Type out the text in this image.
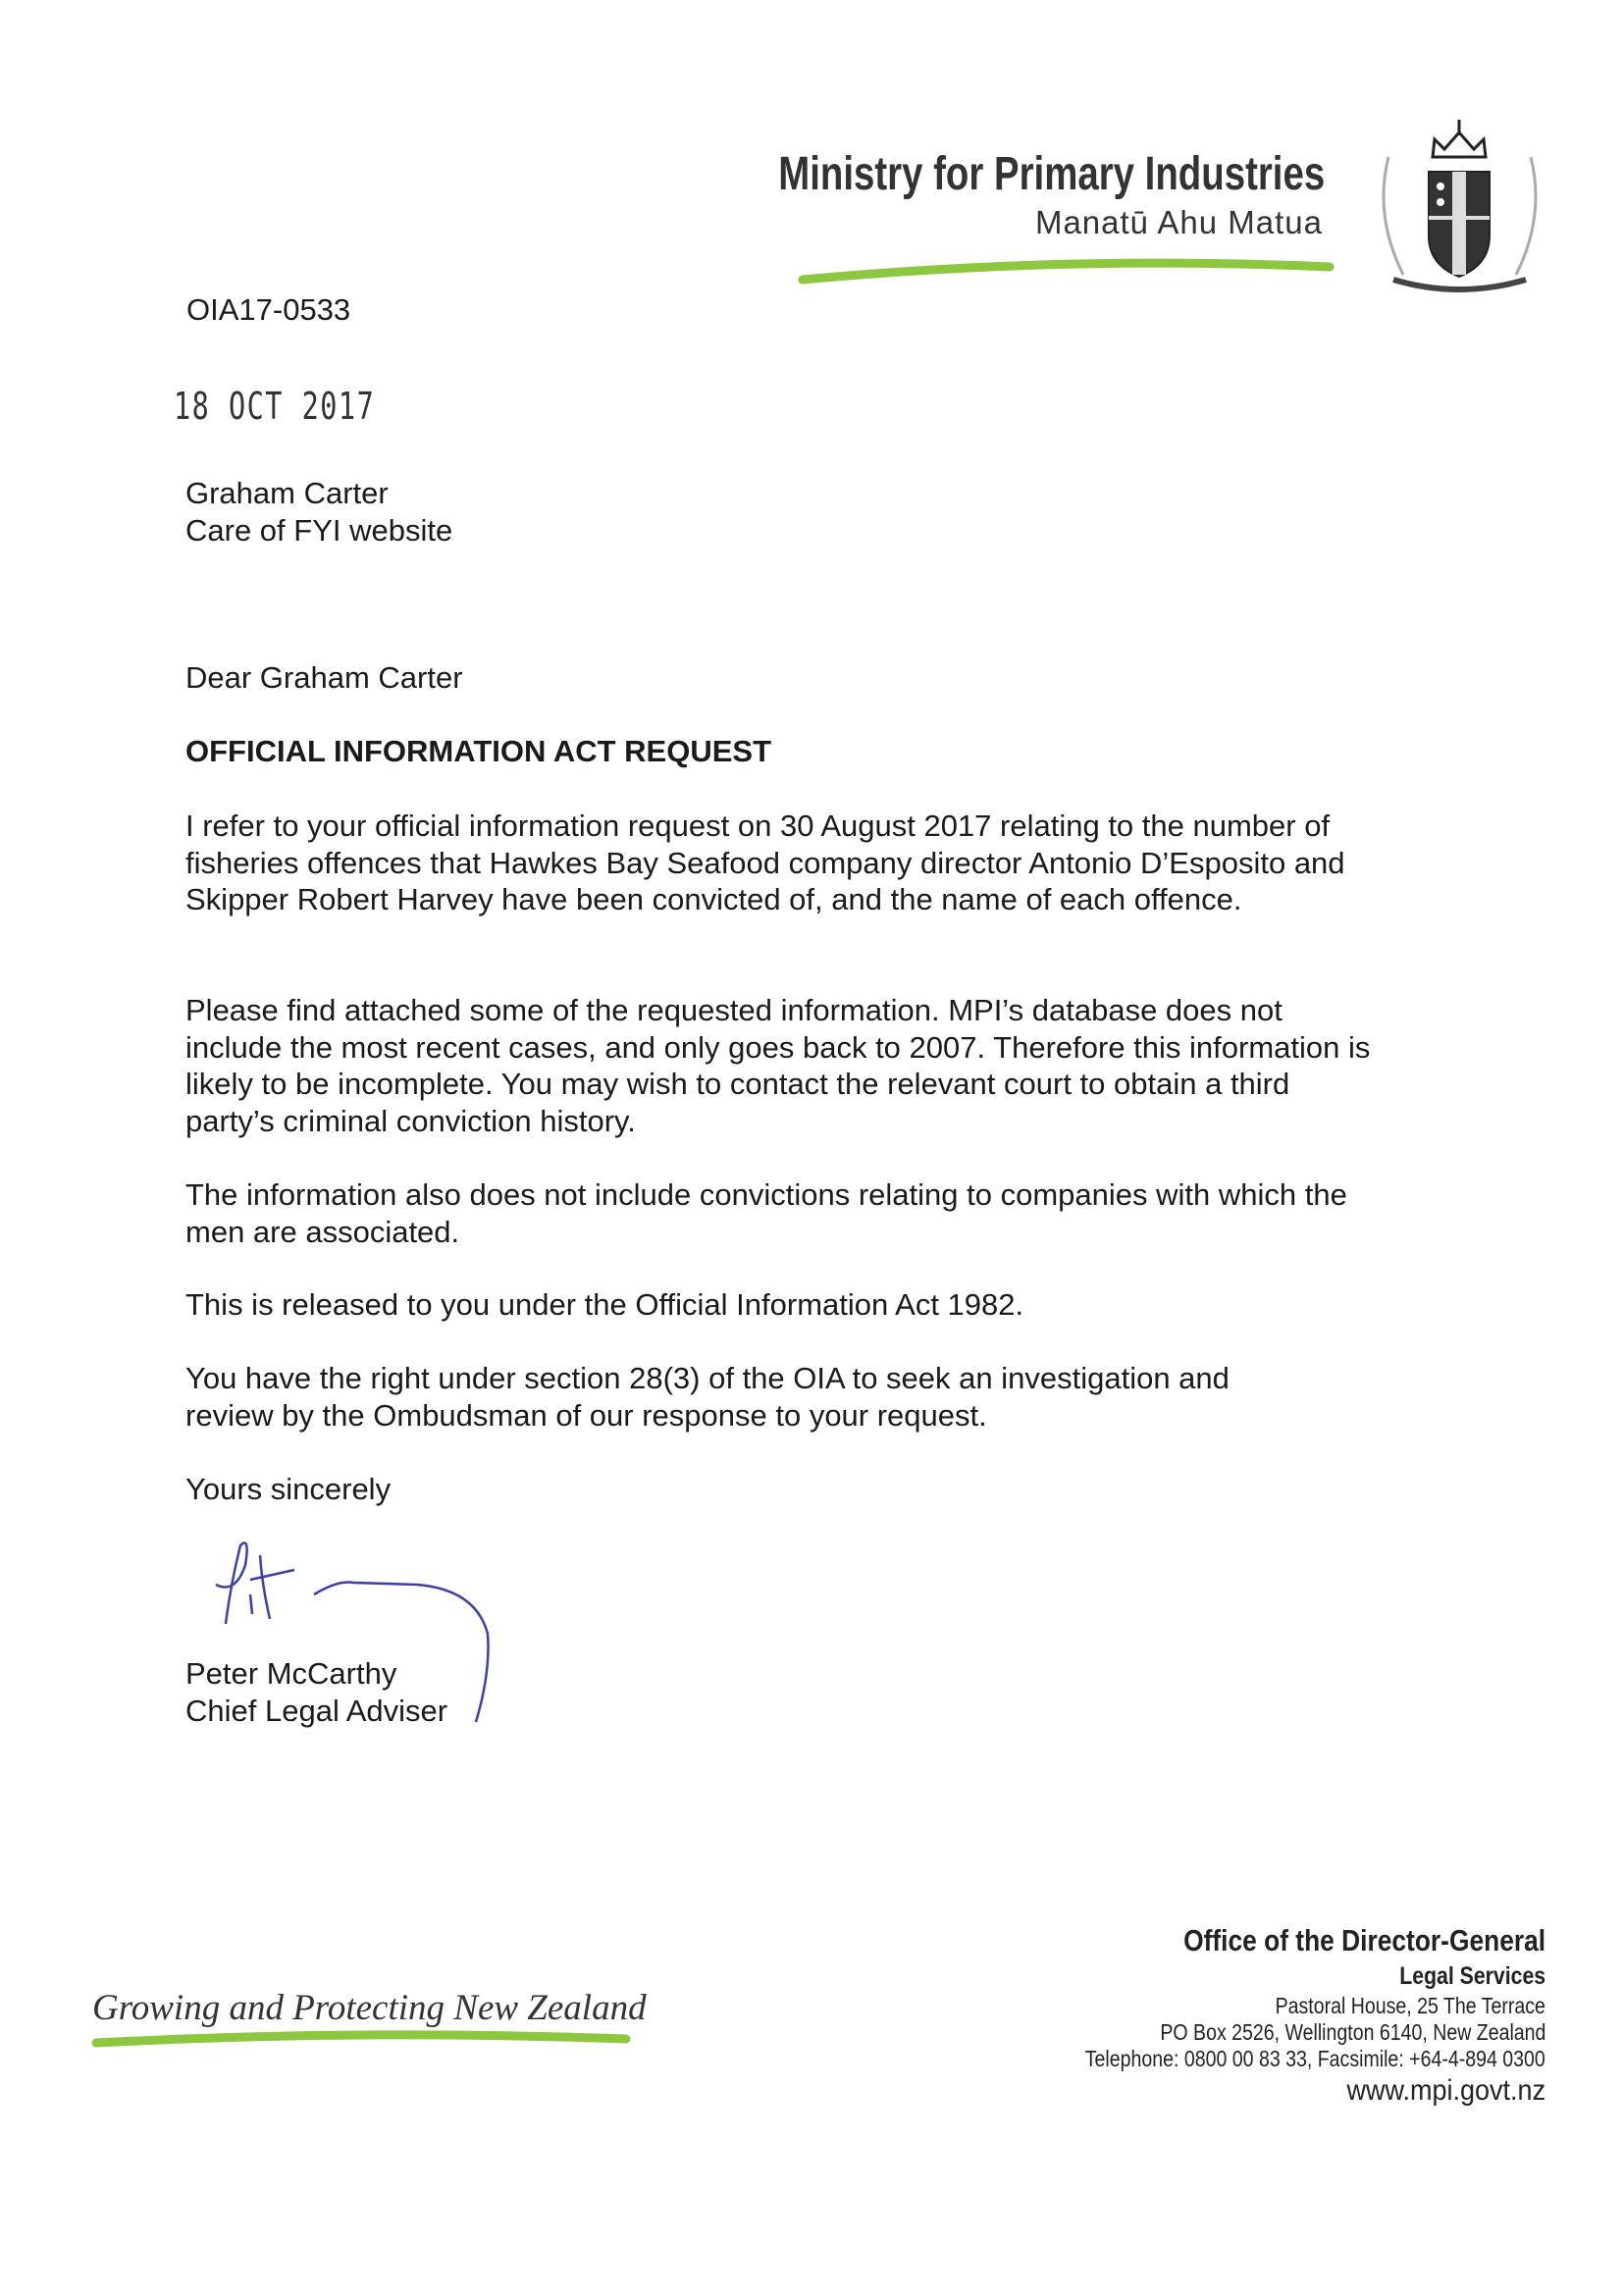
Ministry for Primary Industries
Manatū Ahu Matua
OIA17-0533
18 OCT 2017
Graham Carter
Care of FYI website
Dear Graham Carter
OFFICIAL INFORMATION ACT REQUEST
I refer to your official information request on 30 August 2017 relating to the number of fisheries offences that Hawkes Bay Seafood company director Antonio D’Esposito and Skipper Robert Harvey have been convicted of, and the name of each offence.
Please find attached some of the requested information. MPI’s database does not include the most recent cases, and only goes back to 2007. Therefore this information is likely to be incomplete. You may wish to contact the relevant court to obtain a third party’s criminal conviction history.
The information also does not include convictions relating to companies with which the men are associated.
This is released to you under the Official Information Act 1982.
You have the right under section 28(3) of the OIA to seek an investigation and review by the Ombudsman of our response to your request.
Yours sincerely
Peter McCarthy
Chief Legal Adviser
Growing and Protecting New Zealand
Office of the Director-General
Legal Services
Pastoral House, 25 The Terrace
PO Box 2526, Wellington 6140, New Zealand
Telephone: 0800 00 83 33, Facsimile: +64-4-894 0300
www.mpi.govt.nz
